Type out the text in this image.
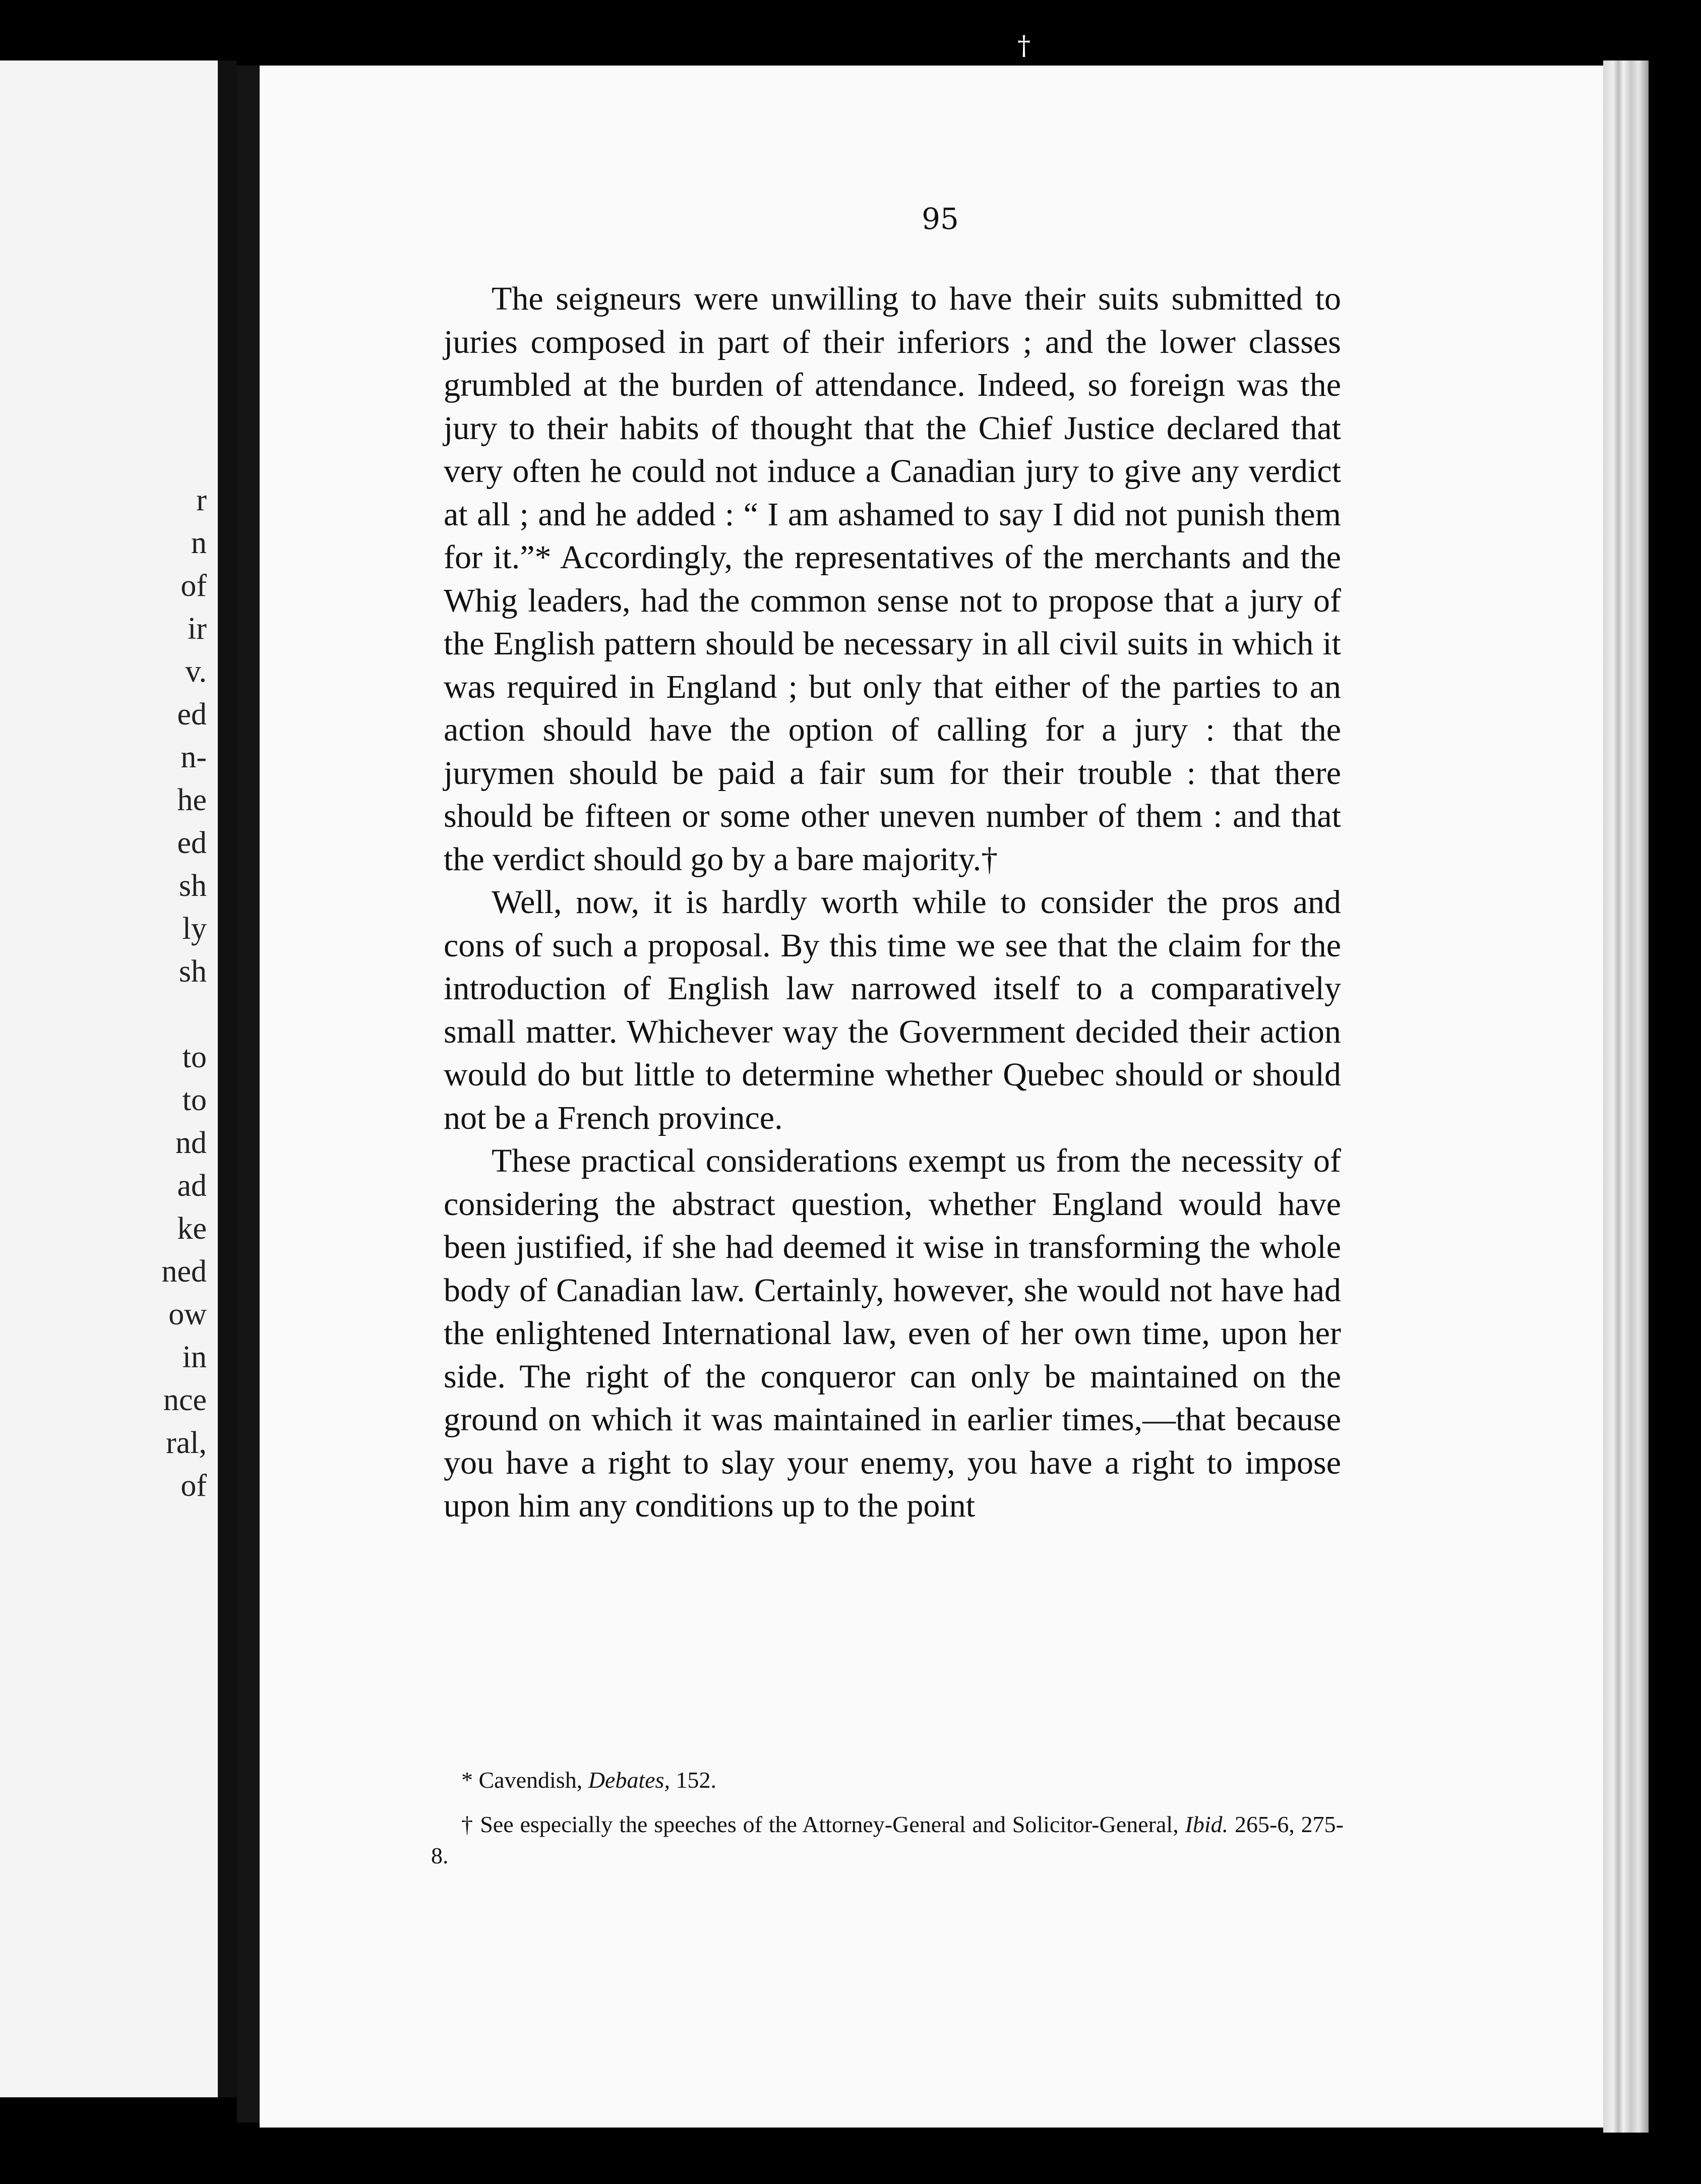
r
n
of
ir
v.
ed
n-
he
ed
sh
ly
sh
to
to
nd
ad
ke
ned
ow
in
nce
ral,
of
†
95

The seigneurs were unwilling to have their suits submitted to juries composed in part of their inferiors ; and the lower classes grumbled at the burden of attendance. Indeed, so foreign was the jury to their habits of thought that the Chief Justice declared that very often he could not induce a Canadian jury to give any verdict at all ; and he added : “ I am ashamed to say I did not punish them for it.”* Accordingly, the representatives of the merchants and the Whig leaders, had the common sense not to propose that a jury of the English pattern should be necessary in all civil suits in which it was required in England ; but only that either of the parties to an action should have the option of calling for a jury : that the jurymen should be paid a fair sum for their trouble : that there should be fifteen or some other uneven number of them : and that the verdict should go by a bare majority.†

Well, now, it is hardly worth while to consider the pros and cons of such a proposal. By this time we see that the claim for the introduction of English law narrowed itself to a comparatively small matter. Whichever way the Government decided their action would do but little to determine whether Quebec should or should not be a French province.

These practical considerations exempt us from the necessity of considering the abstract question, whether England would have been justified, if she had deemed it wise in transforming the whole body of Canadian law. Certainly, however, she would not have had the enlightened International law, even of her own time, upon her side. The right of the conqueror can only be maintained on the ground on which it was maintained in earlier times,—that because you have a right to slay your enemy, you have a right to impose upon him any conditions up to the point

* Cavendish, Debates, 152.

† See especially the speeches of the Attorney-General and Solicitor-General, Ibid. 265-6, 275-8.
